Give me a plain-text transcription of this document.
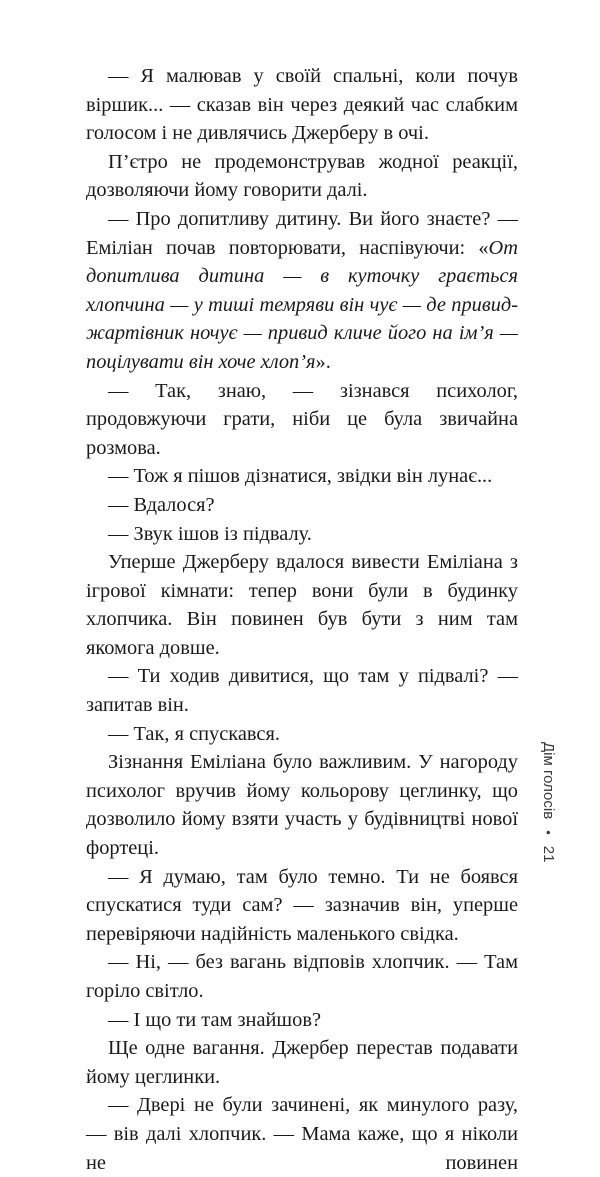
— Я малював у своїй спальні, коли почув віршик... — сказав він через деякий час слабким голосом і не дивлячись Джерберу в очі.

П’єтро не продемонстрував жодної реакції, дозволяючи йому говорити далі.

— Про допитливу дитину. Ви його знаєте? — Еміліан почав повторювати, наспівуючи: «От допитлива дитина — в куточку грається хлопчина — у тиші темряви він чує — де привид-жартівник ночує — привид кличе його на ім’я — поцілувати він хоче хлоп’я».

— Так, знаю, — зізнався психолог, продовжуючи грати, ніби це була звичайна розмова.

— Тож я пішов дізнатися, звідки він лунає...

— Вдалося?

— Звук ішов із підвалу.

Уперше Джерберу вдалося вивести Еміліана з ігрової кімнати: тепер вони були в будинку хлопчика. Він повинен був бути з ним там якомога довше.

— Ти ходив дивитися, що там у підвалі? — запитав він.

— Так, я спускався.

Зізнання Еміліана було важливим. У нагороду психолог вручив йому кольорову цеглинку, що дозволило йому взяти участь у будівництві нової фортеці.

— Я думаю, там було темно. Ти не боявся спускатися туди сам? — зазначив він, уперше перевіряючи надійність маленького свідка.

— Ні, — без вагань відповів хлопчик. — Там горіло світло.

— І що ти там знайшов?

Ще одне вагання. Джербер перестав подавати йому цеглинки.

— Двері не були зачинені, як минулого разу, — вів далі хлопчик. — Мама каже, що я ніколи не повинен

Дім голосів
•
21
